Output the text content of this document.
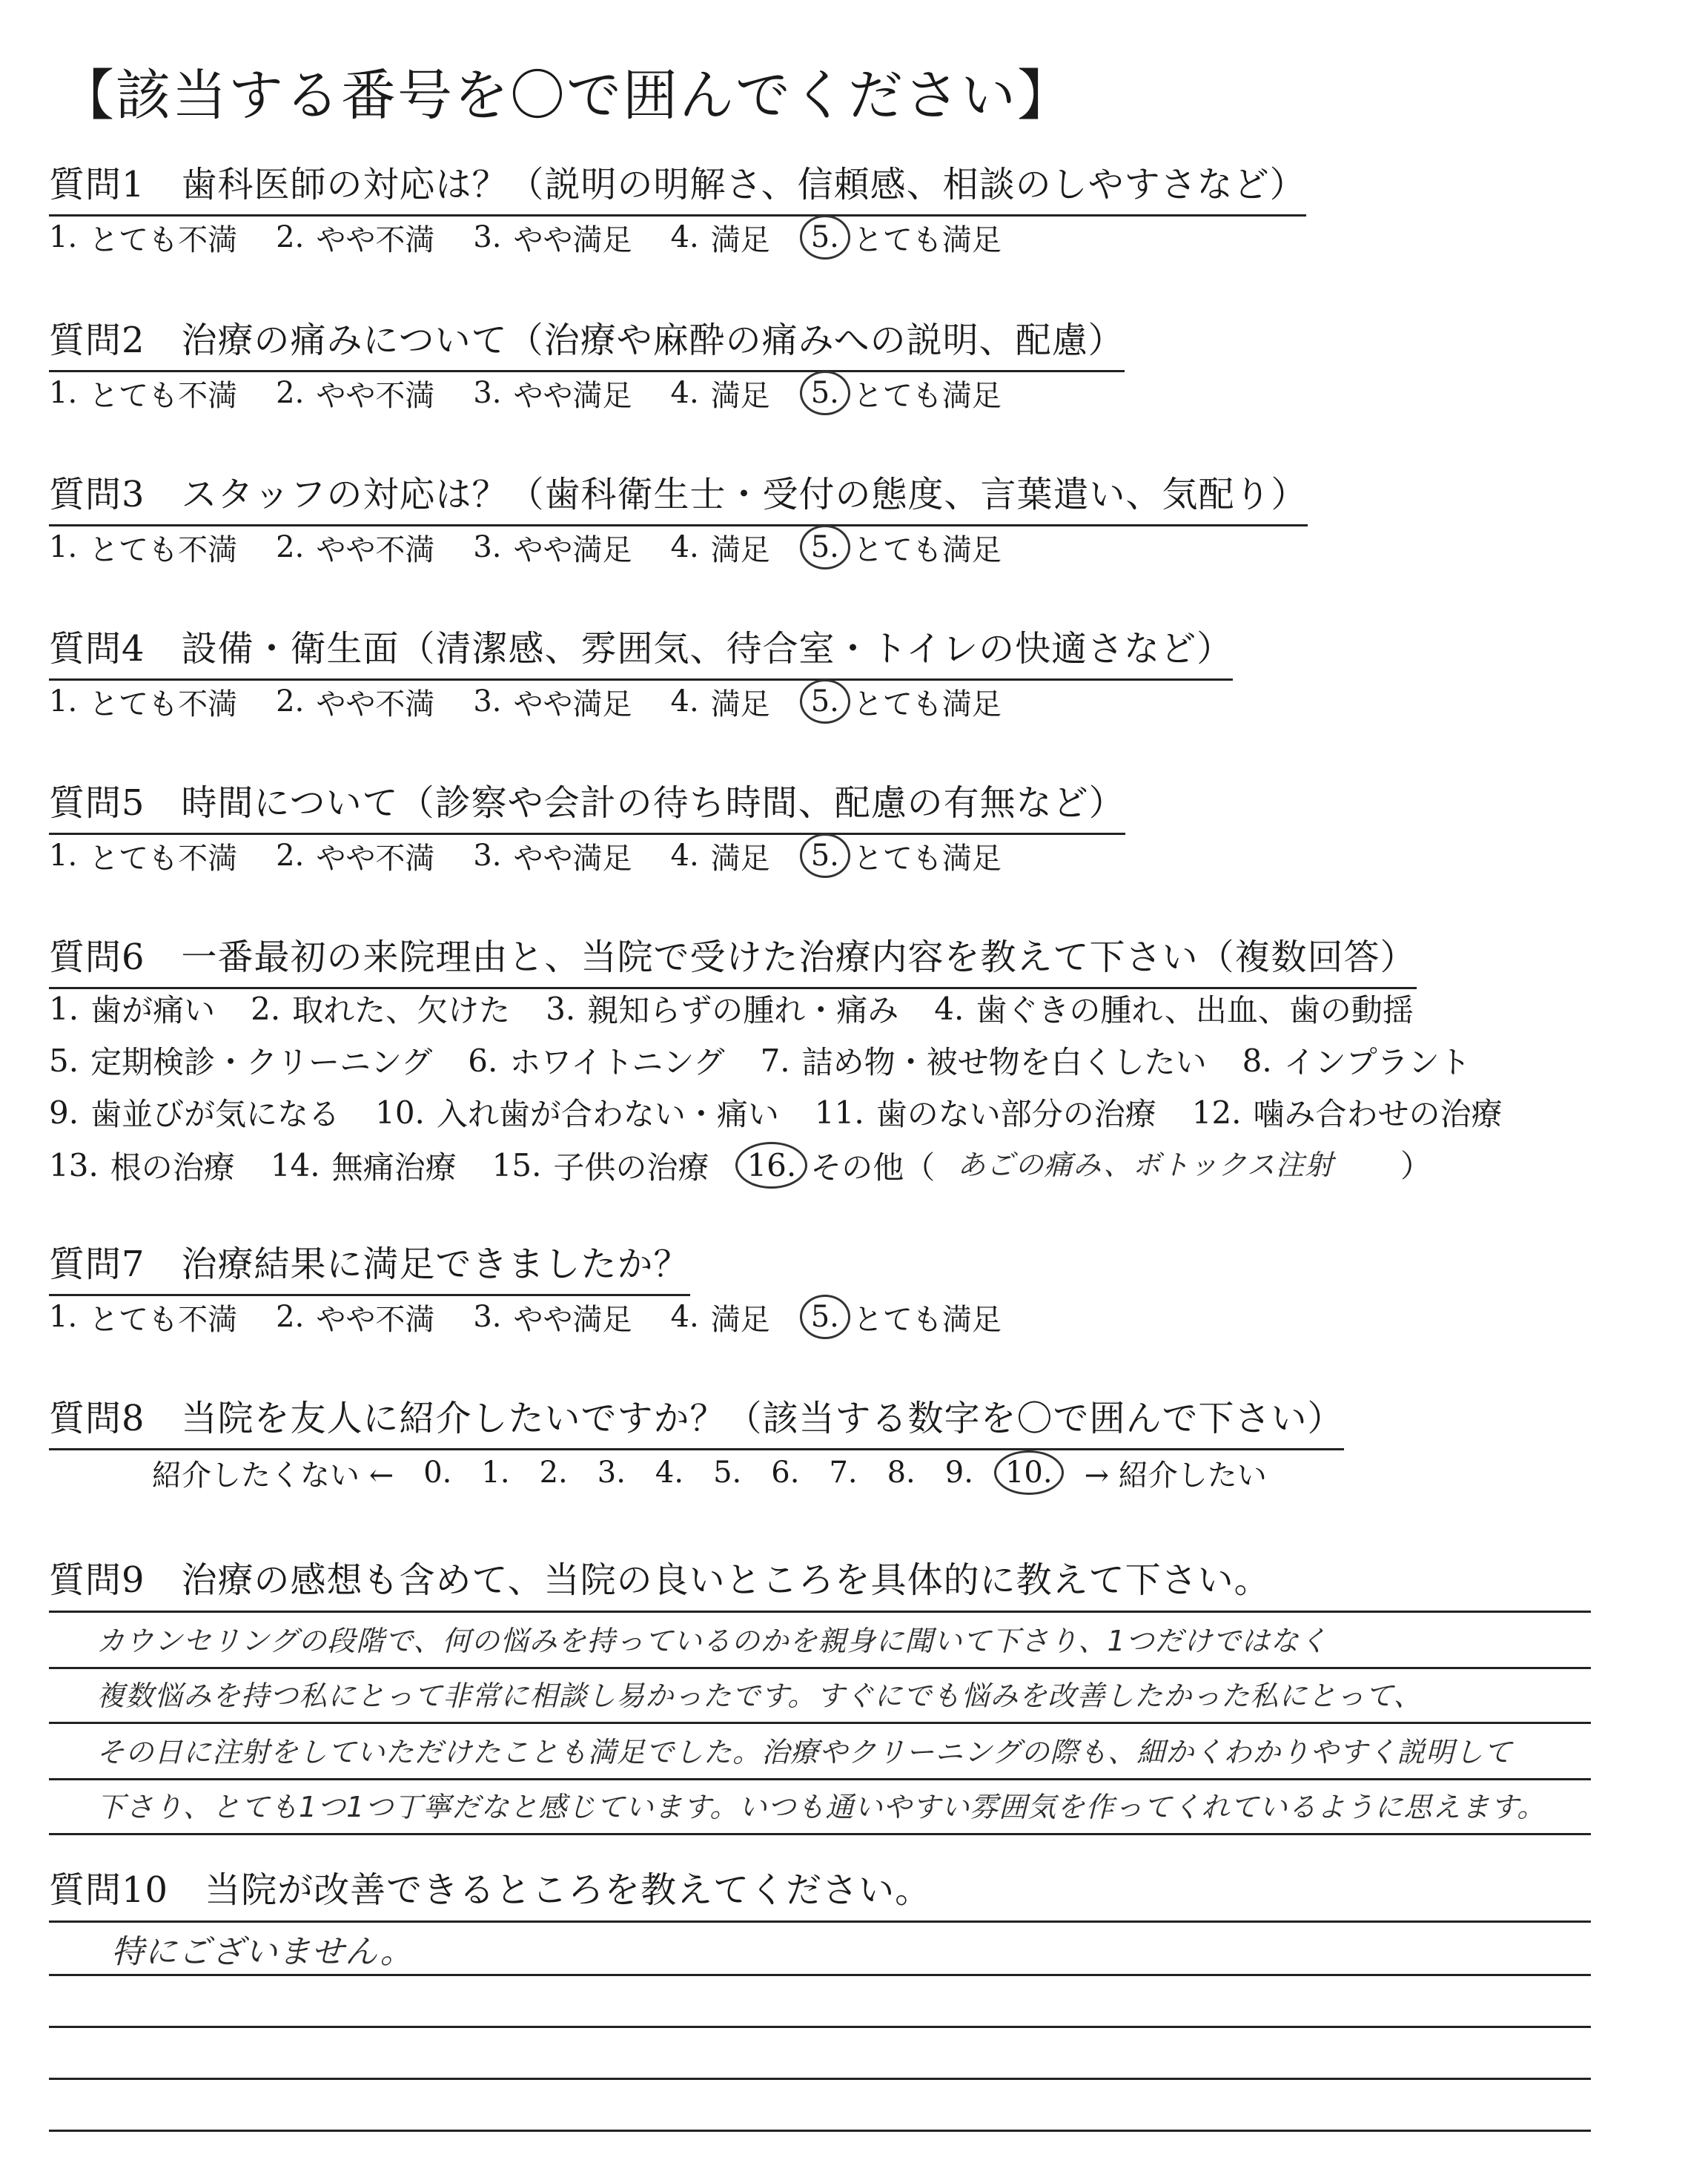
【該当する番号を〇で囲んでください】
質問1　歯科医師の対応は？（説明の明解さ、信頼感、相談のしやすさなど）
1. とても不満 2. やや不満 3. やや満足 4. 満足	5. とても満足
質問2　治療の痛みについて（治療や麻酔の痛みへの説明、配慮）
1. とても不満 2. やや不満 3. やや満足 4. 満足	5. とても満足
質問3　スタッフの対応は？（歯科衛生士・受付の態度、言葉遣い、気配り）
1. とても不満 2. やや不満 3. やや満足 4. 満足	5. とても満足
質問4　設備・衛生面（清潔感、雰囲気、待合室・トイレの快適さなど）
1. とても不満 2. やや不満 3. やや満足 4. 満足	5. とても満足
質問5　時間について（診察や会計の待ち時間、配慮の有無など）
1. とても不満 2. やや不満 3. やや満足 4. 満足	5. とても満足
質問6　一番最初の来院理由と、当院で受けた治療内容を教えて下さい（複数回答）
1. 歯が痛い 2. 取れた、欠けた 3. 親知らずの腫れ・痛み 4. 歯ぐきの腫れ、出血、歯の動揺
5. 定期検診・クリーニング 6. ホワイトニング 7. 詰め物・被せ物を白くしたい 8. インプラント
9. 歯並びが気になる 10. 入れ歯が合わない・痛い 11. 歯のない部分の治療 12. 噛み合わせの治療
13. 根の治療 14. 無痛治療 15. 子供の治療	16. その他（ あごの痛み、ボトックス注射 ）
質問7　治療結果に満足できましたか？
1. とても不満 2. やや不満 3. やや満足 4. 満足	5. とても満足
質問8　当院を友人に紹介したいですか？（該当する数字を〇で囲んで下さい）
紹介したくない ← 0. 1. 2. 3. 4. 5. 6. 7. 8. 9.	10.	→ 紹介したい
質問9　治療の感想も含めて、当院の良いところを具体的に教えて下さい。
カウンセリングの段階で、何の悩みを持っているのかを親身に聞いて下さり、1つだけではなく
複数悩みを持つ私にとって非常に相談し易かったです。すぐにでも悩みを改善したかった私にとって、
その日に注射をしていただけたことも満足でした。治療やクリーニングの際も、細かくわかりやすく説明して
下さり、とても1つ1つ丁寧だなと感じています。いつも通いやすい雰囲気を作ってくれているように思えます。
質問10　当院が改善できるところを教えてください。
特にございません。
